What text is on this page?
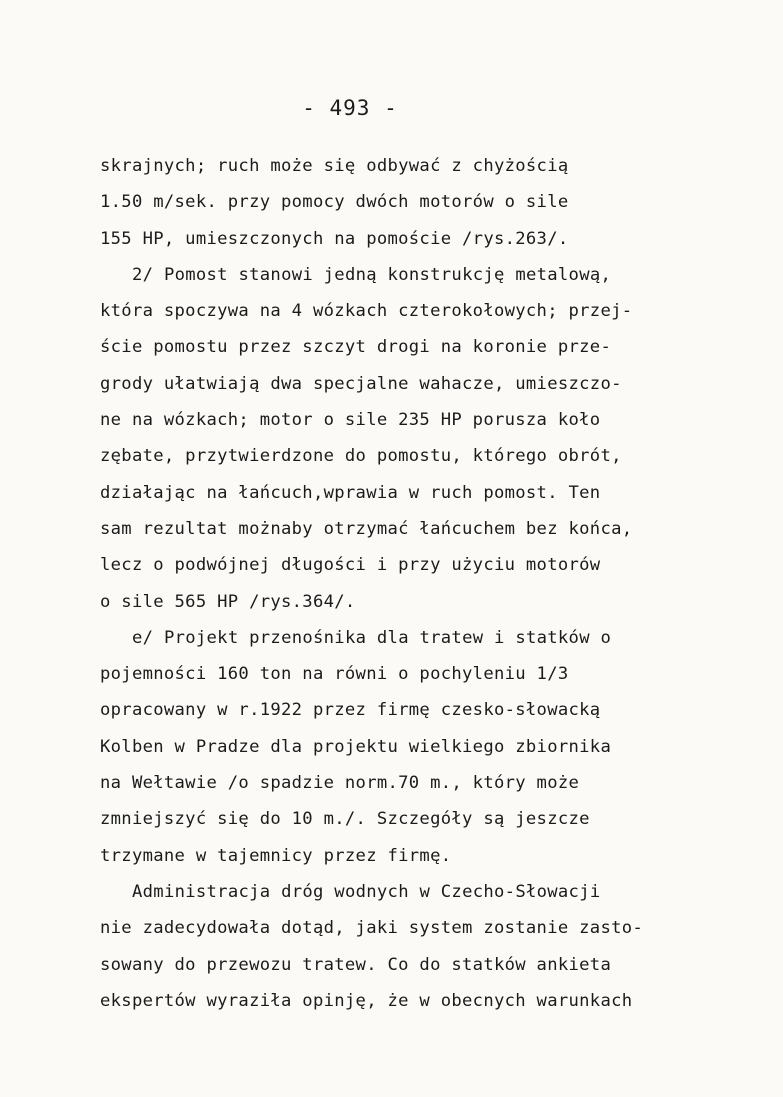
- 493 -
skrajnych; ruch może się odbywać z chyżością
1.50 m/sek. przy pomocy dwóch motorów o sile
155 HP, umieszczonych na pomoście /rys.263/.
2/ Pomost stanowi jedną konstrukcję metalową,
która spoczywa na 4 wózkach czterokołowych; przej-
ście pomostu przez szczyt drogi na koronie prze-
grody ułatwiają dwa specjalne wahacze, umieszczo-
ne na wózkach; motor o sile 235 HP porusza koło
zębate, przytwierdzone do pomostu, którego obrót,
działając na łańcuch,wprawia w ruch pomost. Ten
sam rezultat możnaby otrzymać łańcuchem bez końca,
lecz o podwójnej długości i przy użyciu motorów
o sile 565 HP /rys.364/.
e/ Projekt przenośnika dla tratew i statków o
pojemności 160 ton na równi o pochyleniu 1/3
opracowany w r.1922 przez firmę czesko-słowacką
Kolben w Pradze dla projektu wielkiego zbiornika
na Wełtawie /o spadzie norm.70 m., który może
zmniejszyć się do 10 m./. Szczegóły są jeszcze
trzymane w tajemnicy przez firmę.
Administracja dróg wodnych w Czecho-Słowacji
nie zadecydowała dotąd, jaki system zostanie zasto-
sowany do przewozu tratew. Co do statków ankieta
ekspertów wyraziła opinję, że w obecnych warunkach
